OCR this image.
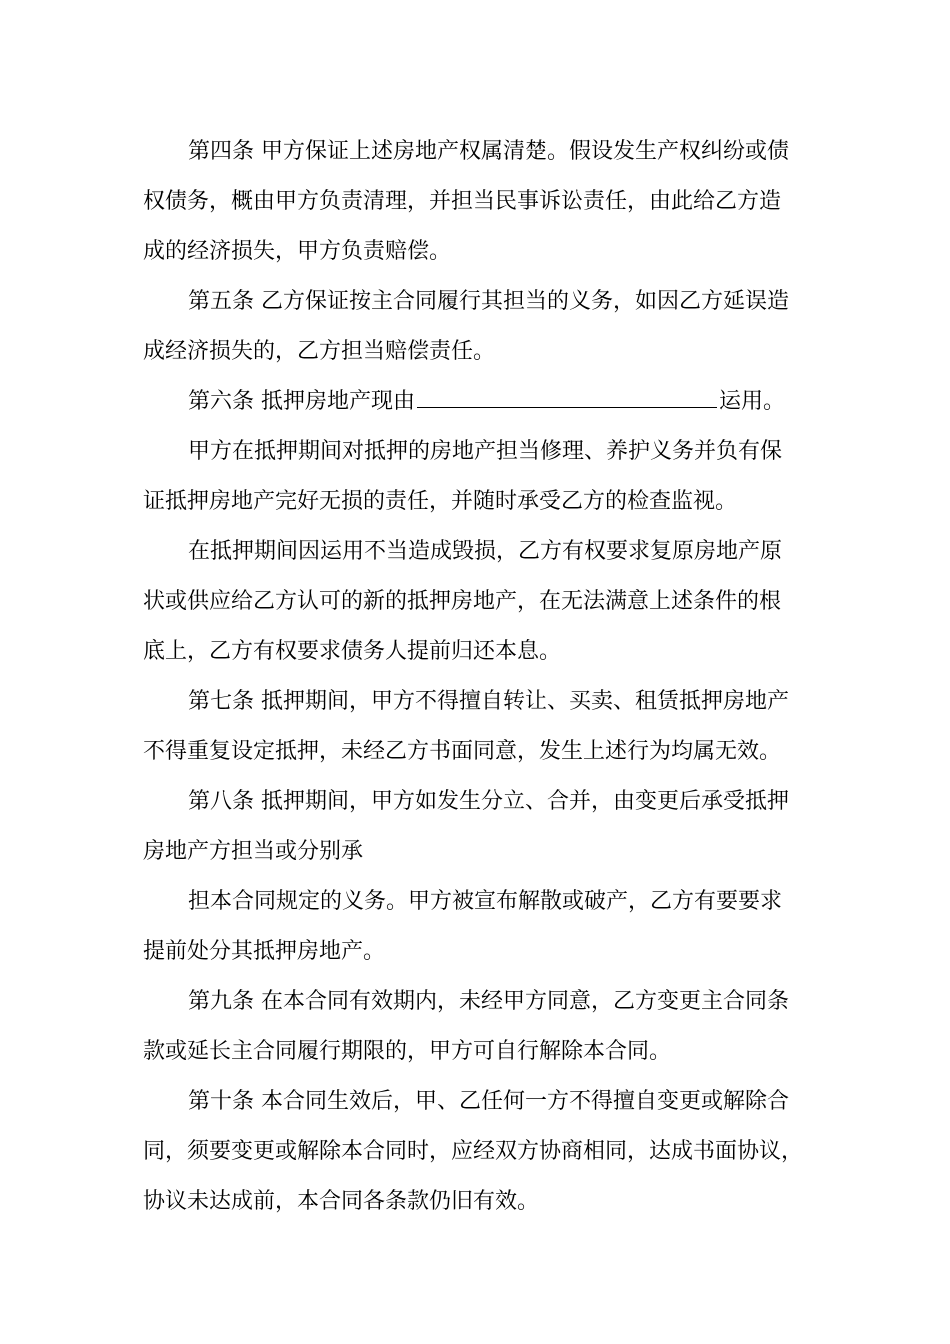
第四条 甲方保证上述房地产权属清楚。假设发生产权纠纷或债
权债务，概由甲方负责清理，并担当民事诉讼责任，由此给乙方造
成的经济损失，甲方负责赔偿。
第五条 乙方保证按主合同履行其担当的义务，如因乙方延误造
成经济损失的，乙方担当赔偿责任。
第六条 抵押房地产现由	运用。
甲方在抵押期间对抵押的房地产担当修理、养护义务并负有保
证抵押房地产完好无损的责任，并随时承受乙方的检查监视。
在抵押期间因运用不当造成毁损，乙方有权要求复原房地产原
状或供应给乙方认可的新的抵押房地产，在无法满意上述条件的根
底上，乙方有权要求债务人提前归还本息。
第七条 抵押期间，甲方不得擅自转让、买卖、租赁抵押房地产
不得重复设定抵押，未经乙方书面同意，发生上述行为均属无效。
第八条 抵押期间，甲方如发生分立、合并，由变更后承受抵押
房地产方担当或分别承
担本合同规定的义务。甲方被宣布解散或破产，乙方有要要求
提前处分其抵押房地产。
第九条 在本合同有效期内，未经甲方同意，乙方变更主合同条
款或延长主合同履行期限的，甲方可自行解除本合同。
第十条 本合同生效后，甲、乙任何一方不得擅自变更或解除合
同，须要变更或解除本合同时，应经双方协商相同，达成书面协议，
协议未达成前，本合同各条款仍旧有效。
